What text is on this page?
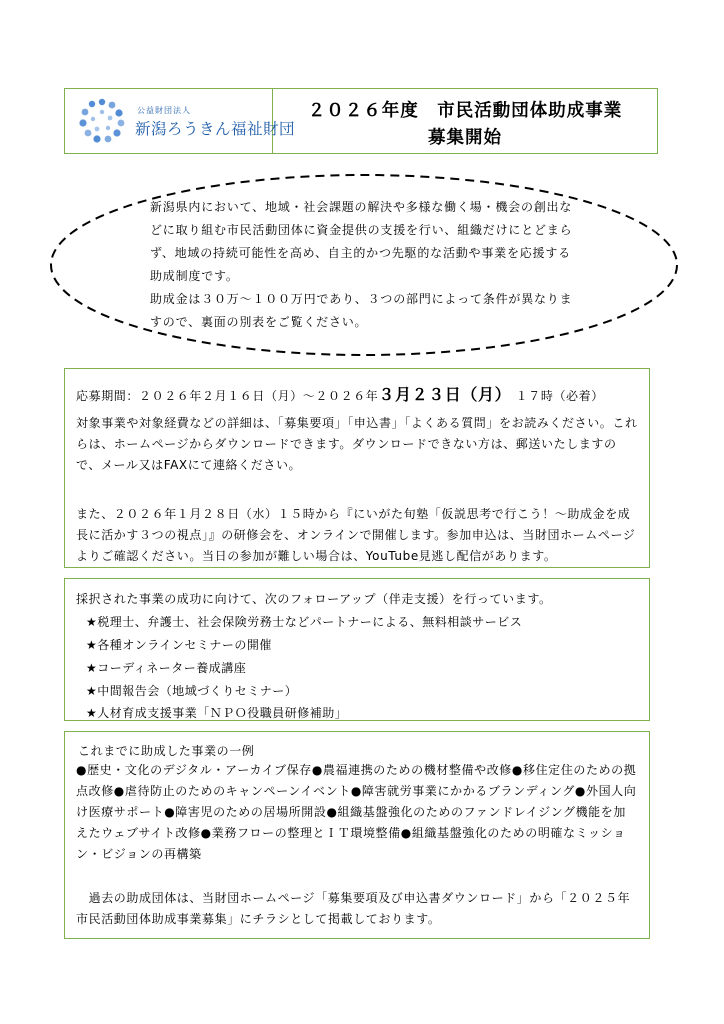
公益財団法人
新潟ろうきん福祉財団
２０２６年度　市民活動団体助成事業
募集開始
新潟県内において、地域・社会課題の解決や多様な働く場・機会の創出などに取り組む市民活動団体に資金提供の支援を行い、組織だけにとどまらず、地域の持続可能性を高め、自主的かつ先駆的な活動や事業を応援する助成制度です。
助成金は３０万～１００万円であり、３つの部門によって条件が異なりますので、裏面の別表をご覧ください。
応募期間：２０２６年２月１６日（月）～２０２６年３月２３日（月） １７時（必着）
対象事業や対象経費などの詳細は、「募集要項」「申込書」「よくある質問」をお読みください。これらは、ホームページからダウンロードできます。ダウンロードできない方は、郵送いたしますので、メール又はFAXにて連絡ください。
また、２０２６年１月２８日（水）１５時から『にいがた旬塾「仮説思考で行こう！～助成金を成長に活かす３つの視点」』の研修会を、オンラインで開催します。参加申込は、当財団ホームページよりご確認ください。当日の参加が難しい場合は、YouTube見逃し配信があります。
採択された事業の成功に向けて、次のフォローアップ（伴走支援）を行っています。
★税理士、弁護士、社会保険労務士などパートナーによる、無料相談サービス
★各種オンラインセミナーの開催
★コーディネーター養成講座
★中間報告会（地域づくりセミナー）
★人材育成支援事業「ＮＰＯ役職員研修補助」
これまでに助成した事業の一例
●歴史・文化のデジタル・アーカイブ保存●農福連携のための機材整備や改修●移住定住のための拠点改修●虐待防止のためのキャンペーンイベント●障害就労事業にかかるブランディング●外国人向け医療サポート●障害児のための居場所開設●組織基盤強化のためのファンドレイジング機能を加えたウェブサイト改修●業務フローの整理とＩＴ環境整備●組織基盤強化のための明確なミッション・ビジョンの再構築
　過去の助成団体は、当財団ホームページ「募集要項及び申込書ダウンロード」から「２０２５年市民活動団体助成事業募集」にチラシとして掲載しております。
